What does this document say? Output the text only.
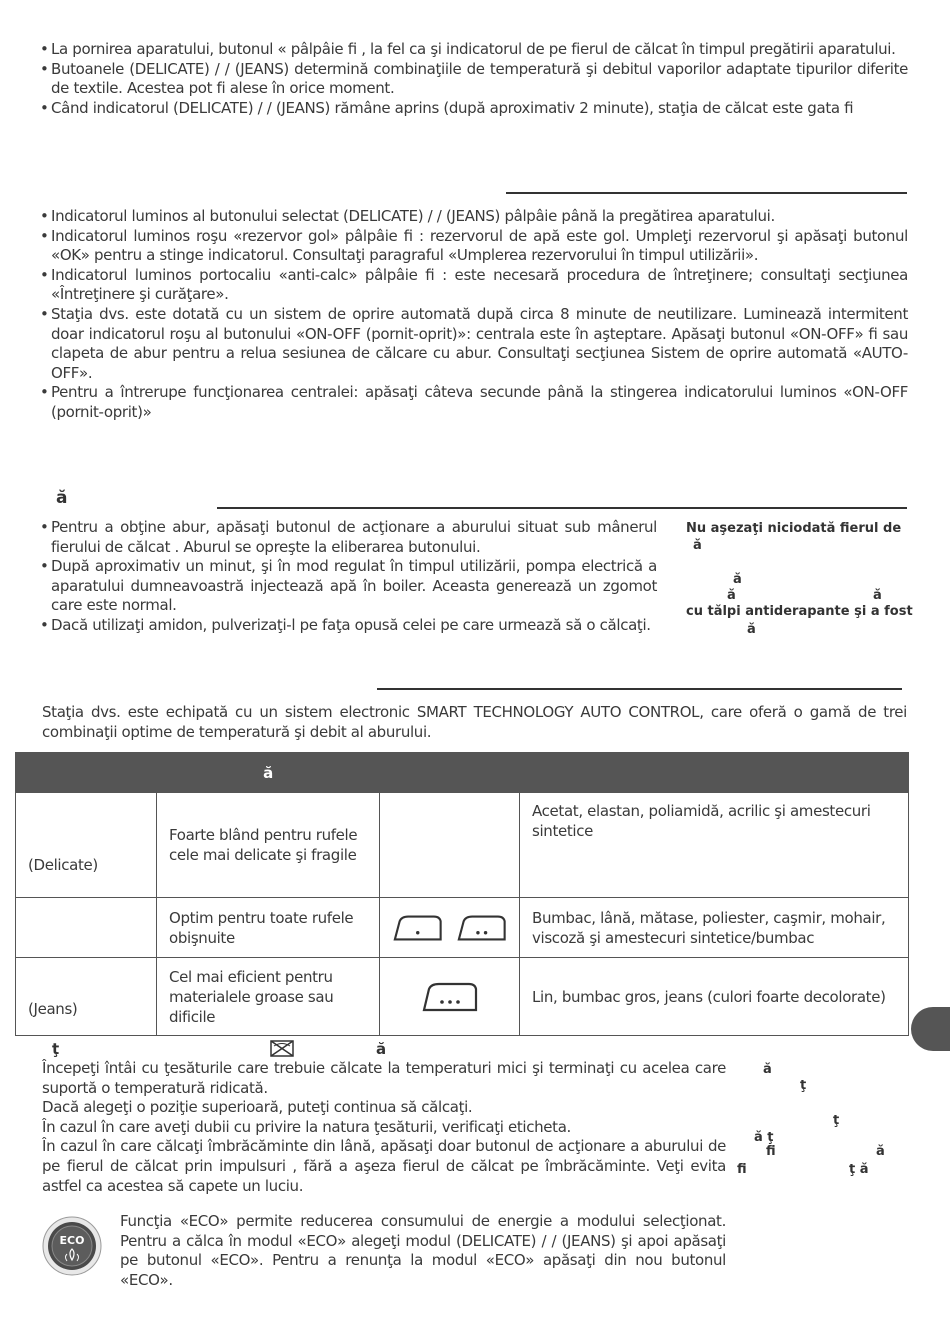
• La pornirea aparatului, butonul « pâlpâie ﬁ , la fel ca şi indicatorul de pe fierul de călcat în timpul pregătirii aparatului.
• Butoanele (DELICATE) / / (JEANS) determină combinaţiile de temperatură şi debitul vaporilor adaptate tipurilor diferite de textile. Acestea pot fi alese în orice moment.
• Când indicatorul (DELICATE) / / (JEANS) rămâne aprins (după aproximativ 2 minute), staţia de călcat este gata ﬁ
• Indicatorul luminos al butonului selectat (DELICATE) / / (JEANS) pâlpâie până la pregătirea aparatului.
• Indicatorul luminos roşu «rezervor gol» pâlpâie ﬁ : rezervorul de apă este gol. Umpleţi rezervorul şi apăsaţi butonul «OK» pentru a stinge indicatorul. Consultaţi paragraful «Umplerea rezervorului în timpul utilizării».
• Indicatorul luminos portocaliu «anti-calc» pâlpâie ﬁ : este necesară procedura de întreţinere; consultaţi secţiunea «Întreţinere şi curăţare».
• Staţia dvs. este dotată cu un sistem de oprire automată după circa 8 minute de neutilizare. Luminează intermitent doar indicatorul roşu al butonului «ON-OFF (pornit-oprit)»: centrala este în aşteptare. Apăsaţi butonul «ON-OFF» ﬁ sau clapeta de abur pentru a relua sesiunea de călcare cu abur. Consultaţi secţiunea Sistem de oprire automată «AUTO-OFF».
• Pentru a întrerupe funcţionarea centralei: apăsaţi câteva secunde până la stingerea indicatorului luminos «ON-OFF (pornit-oprit)»
ă
• Pentru a obţine abur, apăsaţi butonul de acţionare a aburului situat sub mânerul fierului de călcat . Aburul se opreşte la eliberarea butonului.
• După aproximativ un minut, şi în mod regulat în timpul utilizării, pompa electrică a aparatului dumneavoastră injectează apă în boiler. Aceasta generează un zgomot care este normal.
• Dacă utilizaţi amidon, pulverizaţi-l pe faţa opusă celei pe care urmează să o călcaţi.
Nu aşezaţi niciodată fierul de
ă
ă
ă	ă
cu tălpi antiderapante şi a fost
ă
Staţia dvs. este echipată cu un sistem electronic SMART TECHNOLOGY AUTO CONTROL, care oferă o gamă de trei combinaţii optime de temperatură şi debit al aburului.
	ă		
(Delicate)	Foarte blând pentru rufele cele mai delicate şi fragile		Acetat, elastan, poliamidă, acrilic şi amestecuri sintetice
	Optim pentru toate rufele obişnuite		Bumbac, lână, mătase, poliester, caşmir, mohair, viscoză şi amestecuri sintetice/bumbac
(Jeans)	Cel mai eficient pentru materialele groase sau dificile		Lin, bumbac gros, jeans (culori foarte decolorate)
ţ	ă

Începeţi întâi cu ţesăturile care trebuie călcate la temperaturi mici şi terminaţi cu acelea care suportă o temperatură ridicată.

Dacă alegeţi o poziţie superioară, puteţi continua să călcaţi.

În cazul în care aveţi dubii cu privire la natura ţesăturii, verificaţi eticheta.

În cazul în care călcaţi îmbrăcăminte din lână, apăsaţi doar butonul de acţionare a aburului de pe fierul de călcat prin impulsuri , fără a aşeza fierul de călcat pe îmbrăcăminte. Veţi evita astfel ca acestea să capete un luciu.

ă
ţ
ţ
ă ţ
ﬁ	ă
ﬁ	ţ ă
ECO
Funcţia «ECO» permite reducerea consumului de energie a modului selecţionat. Pentru a călca în modul «ECO» alegeţi modul (DELICATE) / / (JEANS) şi apoi apăsaţi pe butonul «ECO». Pentru a renunţa la modul «ECO» apăsaţi din nou butonul «ECO».
